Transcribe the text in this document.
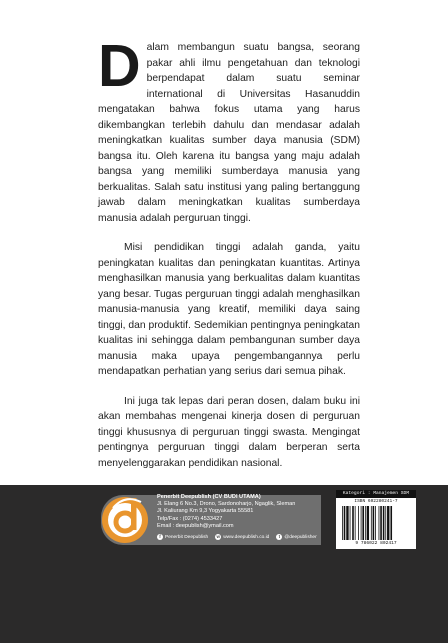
Dalam membangun suatu bangsa, seorang pakar ahli ilmu pengetahuan dan teknologi berpendapat dalam suatu seminar international di Universitas Hasanuddin mengatakan bahwa fokus utama yang harus dikembangkan terlebih dahulu dan mendasar adalah meningkatkan kualitas sumber daya manusia (SDM) bangsa itu. Oleh karena itu bangsa yang maju adalah bangsa yang memiliki sumberdaya manusia yang berkualitas. Salah satu institusi yang paling bertanggung jawab dalam meningkatkan kualitas sumberdaya manusia adalah perguruan tinggi.

Misi pendidikan tinggi adalah ganda, yaitu peningkatan kualitas dan peningkatan kuantitas. Artinya menghasilkan manusia yang berkualitas dalam kuantitas yang besar. Tugas perguruan tinggi adalah menghasilkan manusia-manusia yang kreatif, memiliki daya saing tinggi, dan produktif. Sedemikian pentingnya peningkatan kualitas ini sehingga dalam pembangunan sumber daya manusia maka upaya pengembangannya perlu mendapatkan perhatian yang serius dari semua pihak.

Ini juga tak lepas dari peran dosen, dalam buku ini akan membahas mengenai kinerja dosen di perguruan tinggi khususnya di perguruan tinggi swasta. Mengingat pentingnya perguruan tinggi dalam berperan serta menyelenggarakan pendidikan nasional.

Penerbit Deepublish (CV BUDI UTAMA)
Jl. Elang 6 No.3, Drono, Sardonoharjo, Ngaglik, Sleman
Jl. Kaliurang Km 9,3 Yogyakarta 55581
Telp/Fax : (0274) 4533427
Email : deepublish@ymail.com
f Penerbit Deepublish w www.deepublish.co.id	t @deepublisher
Kategori : Manajemen SDM
ISBN 602280241-7
9 786022 802417
